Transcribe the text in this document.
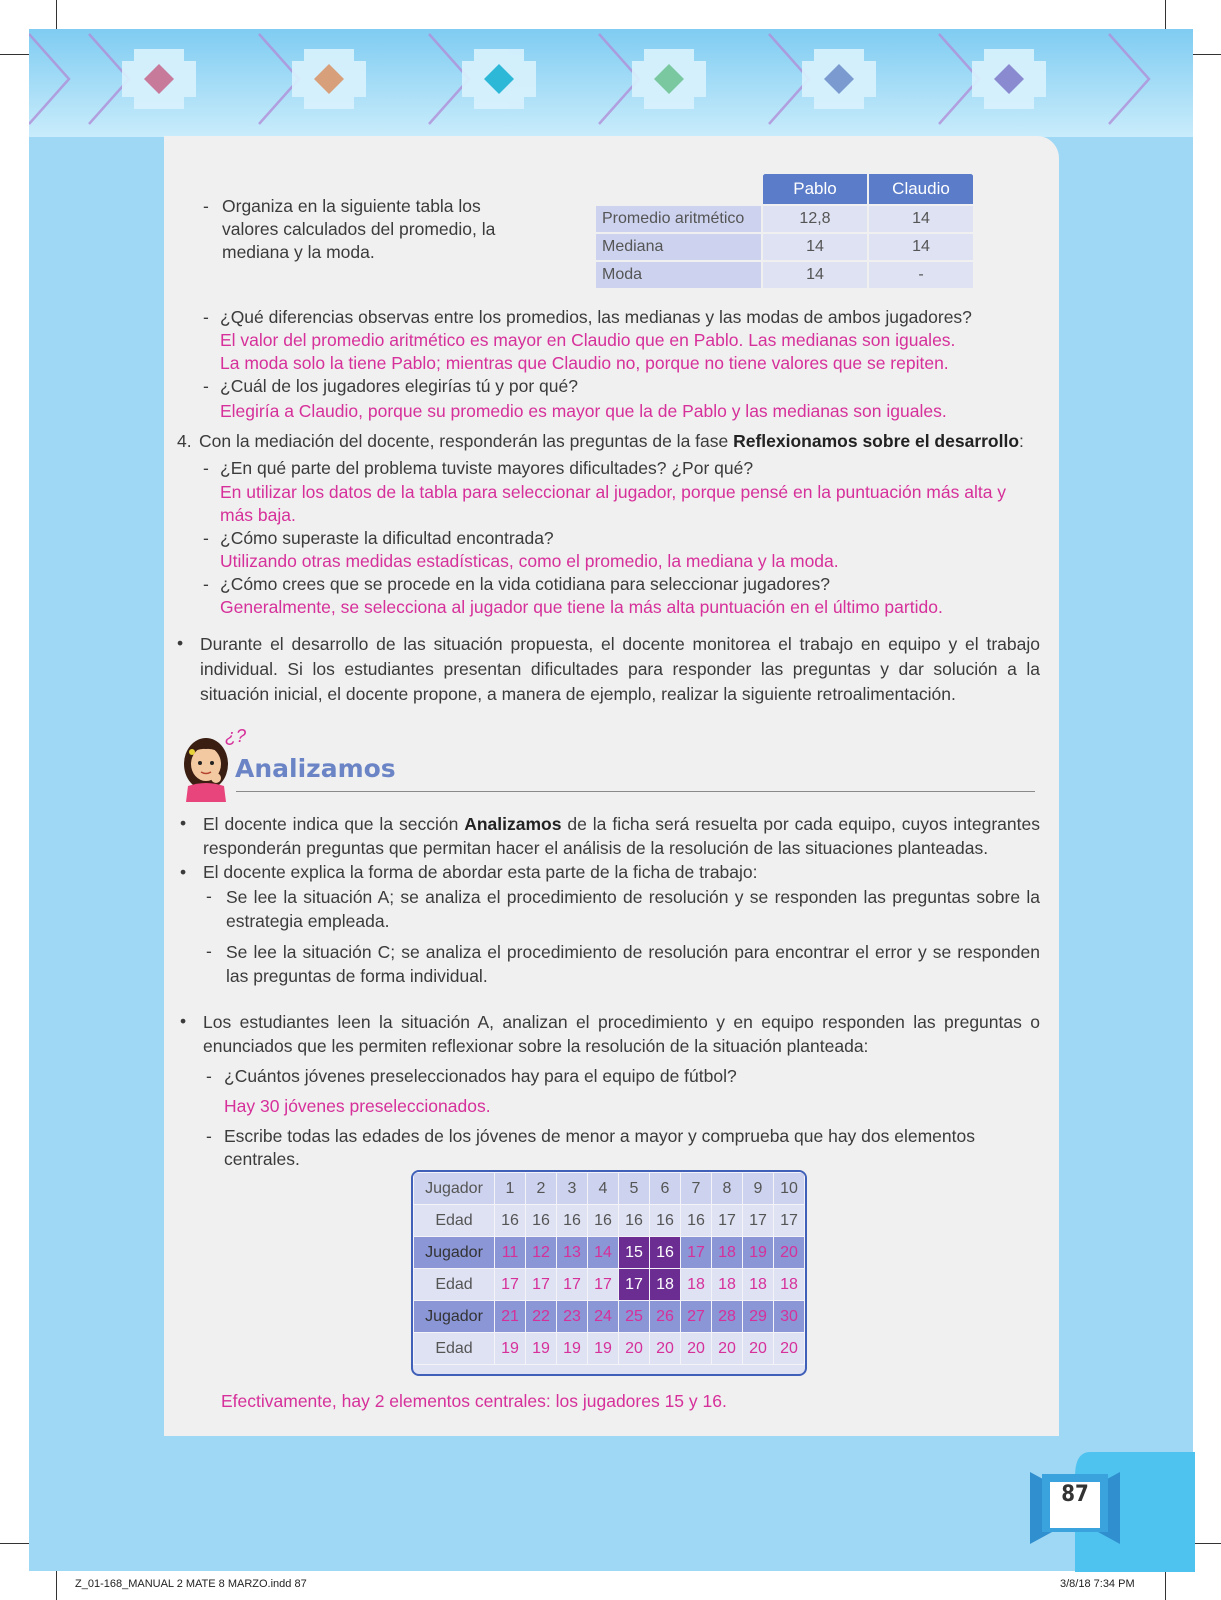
- Organiza en la siguiente tabla los valores calculados del promedio, la mediana y la moda.
	Pablo	Claudio
Promedio aritmético	12,8	14
Mediana	14	14
Moda	14	-
- ¿Qué diferencias observas entre los promedios, las medianas y las modas de ambos jugadores?
El valor del promedio aritmético es mayor en Claudio que en Pablo. Las medianas son iguales.
La moda solo la tiene Pablo; mientras que Claudio no, porque no tiene valores que se repiten.
- ¿Cuál de los jugadores elegirías tú y por qué?
Elegiría a Claudio, porque su promedio es mayor que la de Pablo y las medianas son iguales.
4. Con la mediación del docente, responderán las preguntas de la fase Reflexionamos sobre el desarrollo:
- ¿En qué parte del problema tuviste mayores dificultades? ¿Por qué?
En utilizar los datos de la tabla para seleccionar al jugador, porque pensé en la puntuación más alta y más baja.
- ¿Cómo superaste la dificultad encontrada?
Utilizando otras medidas estadísticas, como el promedio, la mediana y la moda.
- ¿Cómo crees que se procede en la vida cotidiana para seleccionar jugadores?
Generalmente, se selecciona al jugador que tiene la más alta puntuación en el último partido.
• Durante el desarrollo de las situación propuesta, el docente monitorea el trabajo en equipo y el trabajo individual. Si los estudiantes presentan dificultades para responder las preguntas y dar solución a la situación inicial, el docente propone, a manera de ejemplo, realizar la siguiente retroalimentación.
¿?
Analizamos
• El docente indica que la sección Analizamos de la ficha será resuelta por cada equipo, cuyos integrantes responderán preguntas que permitan hacer el análisis de la resolución de las situaciones planteadas.
• El docente explica la forma de abordar esta parte de la ficha de trabajo:
- Se lee la situación A; se analiza el procedimiento de resolución y se responden las preguntas sobre la estrategia empleada.
- Se lee la situación C; se analiza el procedimiento de resolución para encontrar el error y se responden las preguntas de forma individual.
• Los estudiantes leen la situación A, analizan el procedimiento y en equipo responden las preguntas o enunciados que les permiten reflexionar sobre la resolución de la situación planteada:
- ¿Cuántos jóvenes preseleccionados hay para el equipo de fútbol?
Hay 30 jóvenes preseleccionados.
- Escribe todas las edades de los jóvenes de menor a mayor y comprueba que hay dos elementos centrales.
Jugador	1	2	3	4	5	6	7	8	9	10
Edad	16	16	16	16	16	16	16	17	17	17
Jugador	11	12	13	14	15	16	17	18	19	20
Edad	17	17	17	17	17	18	18	18	18	18
Jugador	21	22	23	24	25	26	27	28	29	30
Edad	19	19	19	19	20	20	20	20	20	20
Efectivamente, hay 2 elementos centrales: los jugadores 15 y 16.
87
Z_01-168_MANUAL 2 MATE 8 MARZO.indd 87	3/8/18 7:34 PM
